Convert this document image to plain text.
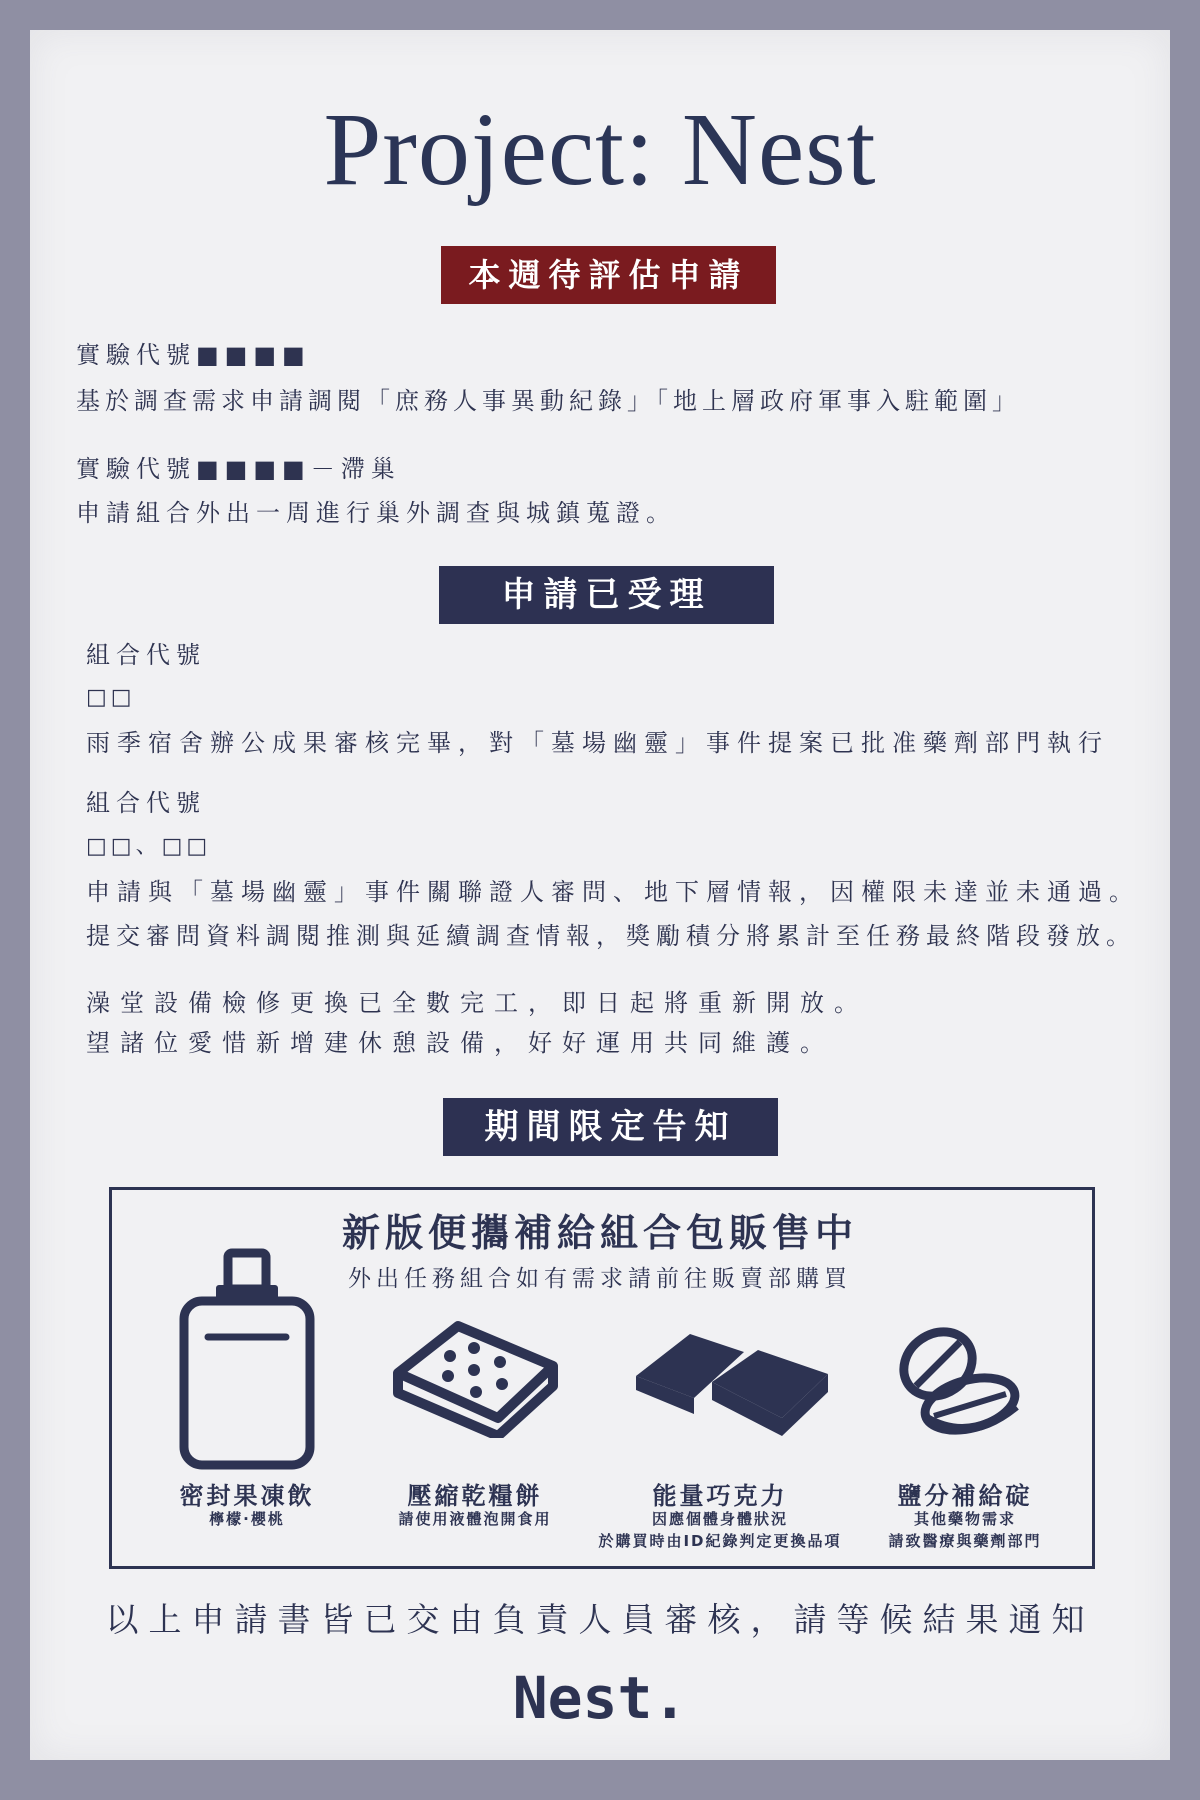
Project: Nest
本週待評估申請
實驗代號■■■■
基於調查需求申請調閱「庶務人事異動紀錄」「地上層政府軍事入駐範圍」
實驗代號■■■■－滯巢
申請組合外出一周進行巢外調查與城鎮蒐證。
申請已受理
組合代號
□□
雨季宿舍辦公成果審核完畢，對「墓場幽靈」事件提案已批准藥劑部門執行
組合代號
□□、□□
申請與「墓場幽靈」事件關聯證人審問、地下層情報，因權限未達並未通過。
提交審問資料調閱推測與延續調查情報，獎勵積分將累計至任務最終階段發放。
澡堂設備檢修更換已全數完工，即日起將重新開放。
望諸位愛惜新增建休憩設備，好好運用共同維護。
期間限定告知
新版便攜補給組合包販售中
外出任務組合如有需求請前往販賣部購買
密封果凍飲
檸檬·櫻桃
壓縮乾糧餅
請使用液體泡開食用
能量巧克力
因應個體身體狀況
於購買時由ID紀錄判定更換品項
鹽分補給碇
其他藥物需求
請致醫療與藥劑部門
以上申請書皆已交由負責人員審核，請等候結果通知
Nest.
